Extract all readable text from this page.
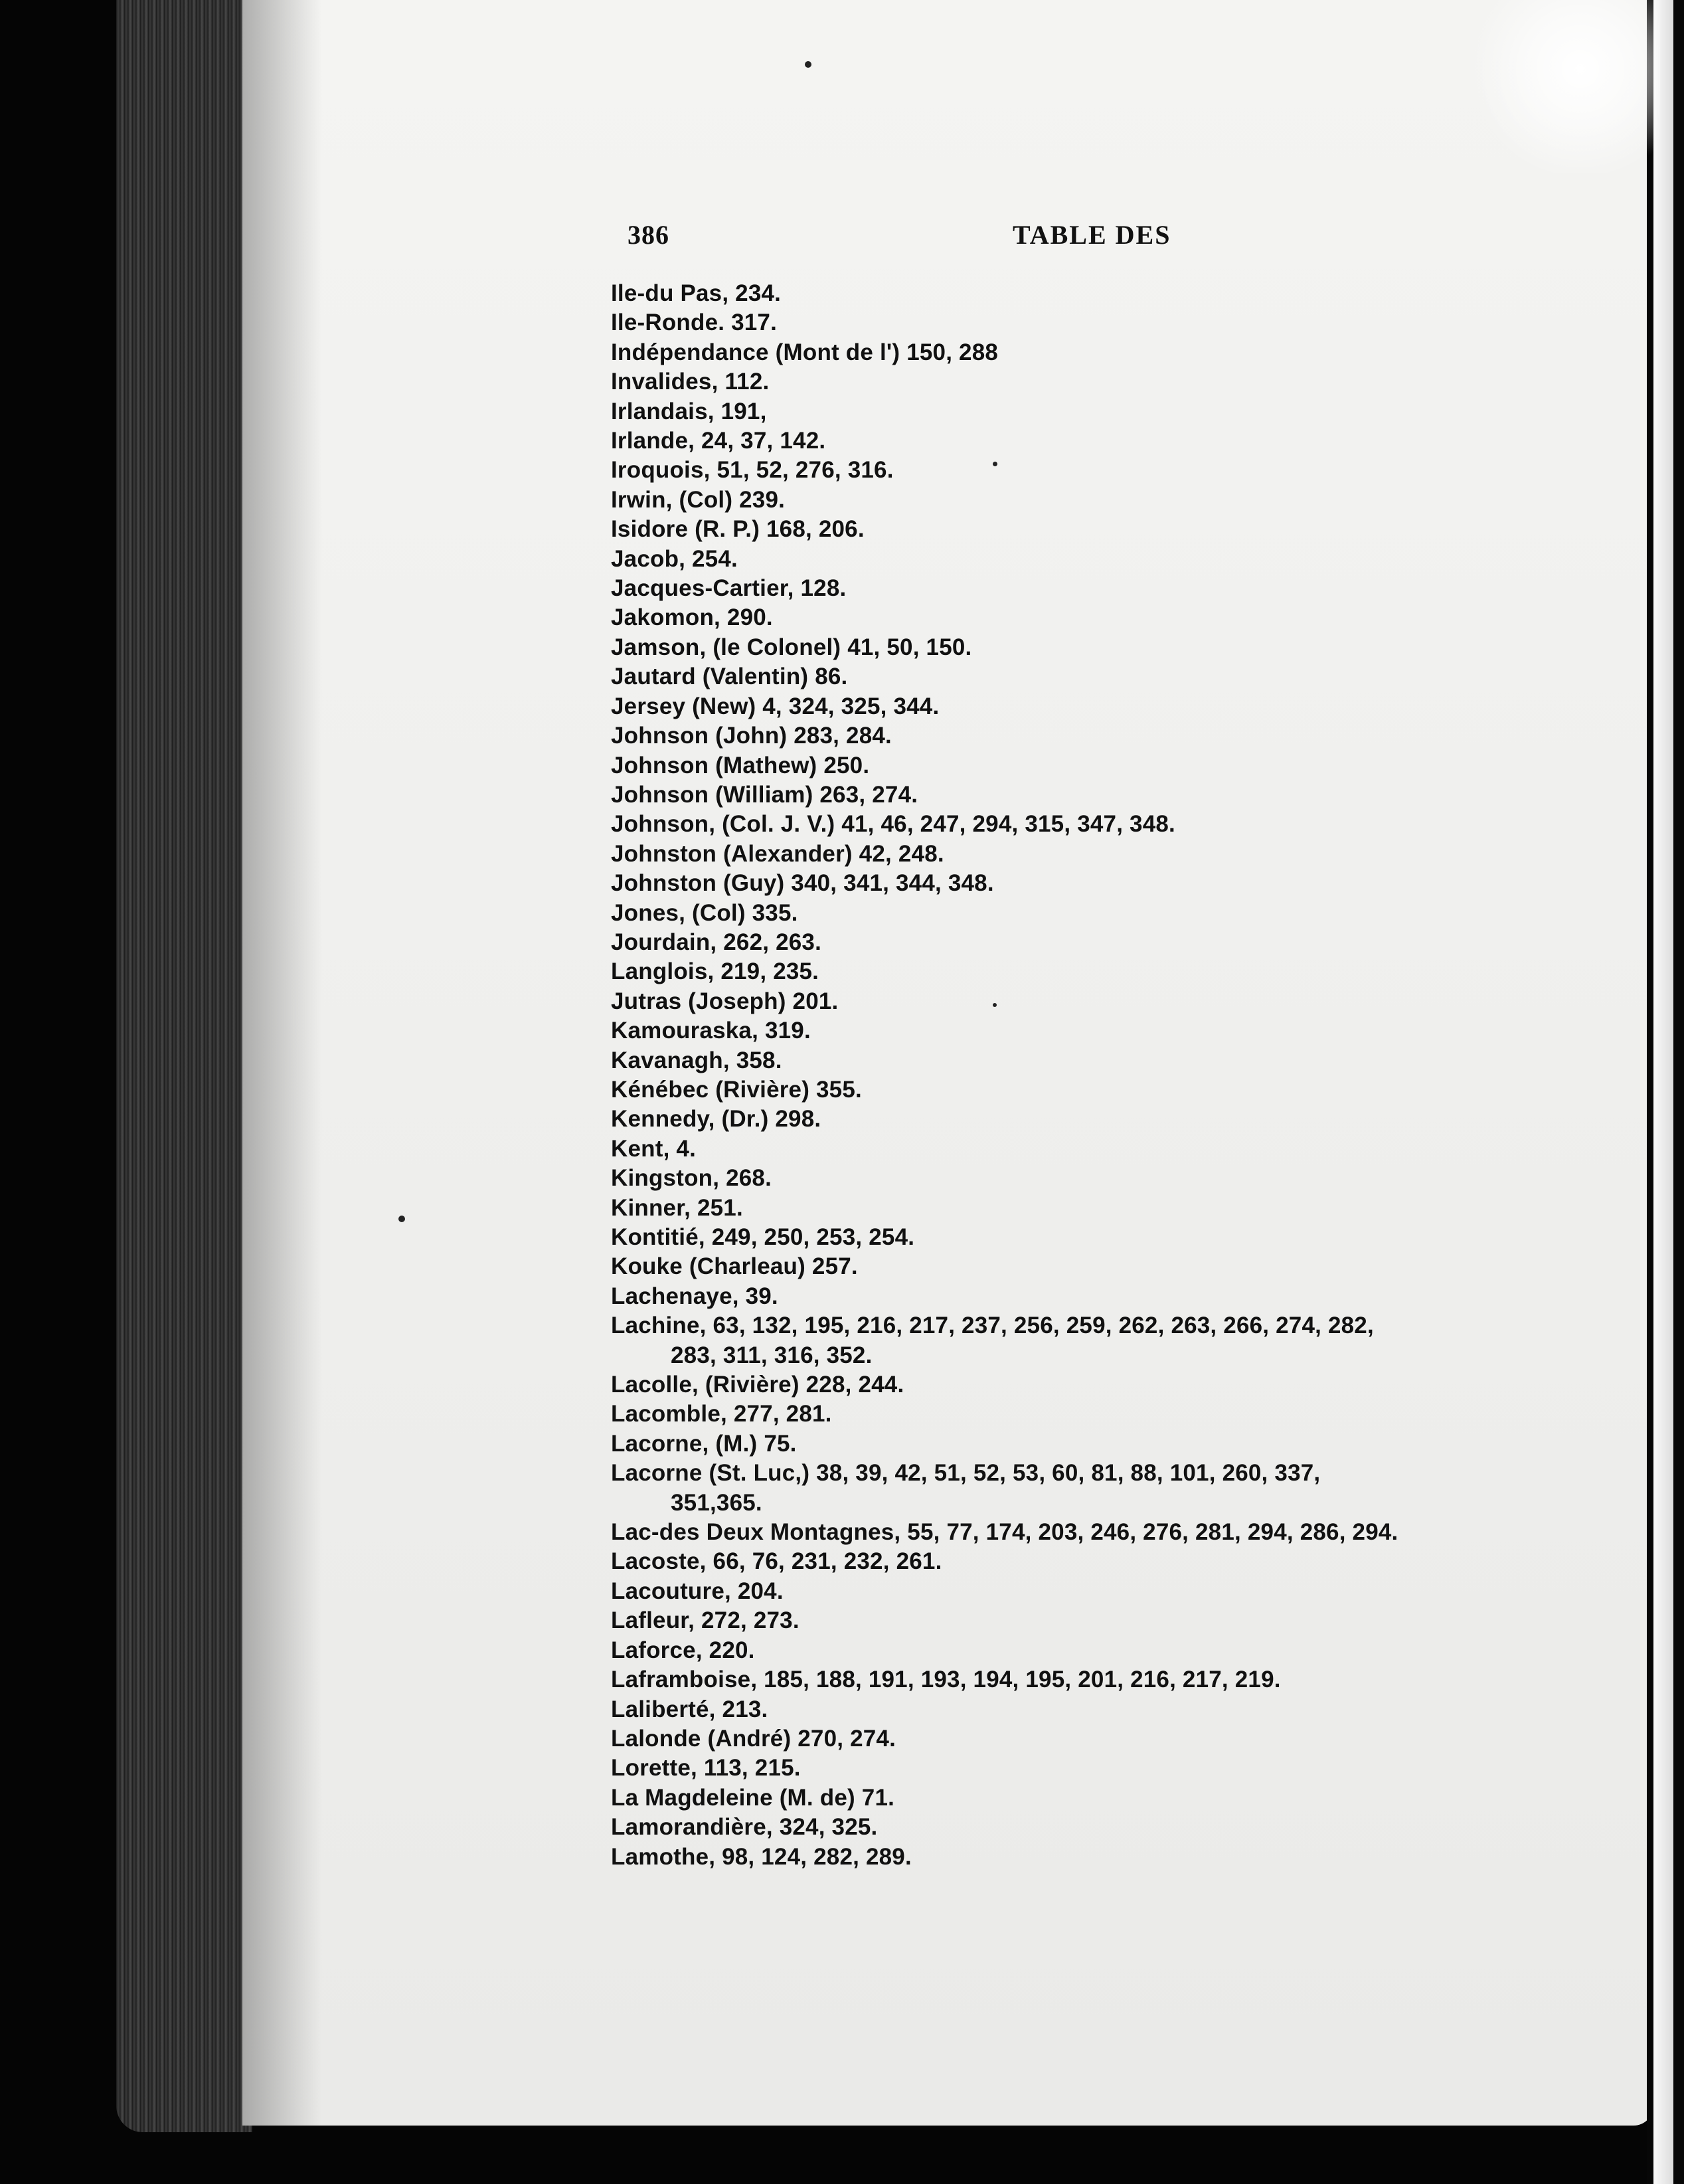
386	TABLE DES
Ile-du Pas, 234.
Ile-Ronde. 317.
Indépendance (Mont de l') 150, 288
Invalides, 112.
Irlandais, 191,
Irlande, 24, 37, 142.
Iroquois, 51, 52, 276, 316.
Irwin, (Col) 239.
Isidore (R. P.) 168, 206.
Jacob, 254.
Jacques-Cartier, 128.
Jakomon, 290.
Jamson, (le Colonel) 41, 50, 150.
Jautard (Valentin) 86.
Jersey (New) 4, 324, 325, 344.
Johnson (John) 283, 284.
Johnson (Mathew) 250.
Johnson (William) 263, 274.
Johnson, (Col. J. V.) 41, 46, 247, 294, 315, 347, 348.
Johnston (Alexander) 42, 248.
Johnston (Guy) 340, 341, 344, 348.
Jones, (Col) 335.
Jourdain, 262, 263.
Langlois, 219, 235.
Jutras (Joseph) 201.
Kamouraska, 319.
Kavanagh, 358.
Kénébec (Rivière) 355.
Kennedy, (Dr.) 298.
Kent, 4.
Kingston, 268.
Kinner, 251.
Kontitié, 249, 250, 253, 254.
Kouke (Charleau) 257.
Lachenaye, 39.
Lachine, 63, 132, 195, 216, 217, 237, 256, 259, 262, 263, 266, 274, 282,
283, 311, 316, 352.
Lacolle, (Rivière) 228, 244.
Lacomble, 277, 281.
Lacorne, (M.) 75.
Lacorne (St. Luc,) 38, 39, 42, 51, 52, 53, 60, 81, 88, 101, 260, 337,
351,365.
Lac-des Deux Montagnes, 55, 77, 174, 203, 246, 276, 281, 294, 286, 294.
Lacoste, 66, 76, 231, 232, 261.
Lacouture, 204.
Lafleur, 272, 273.
Laforce, 220.
Laframboise, 185, 188, 191, 193, 194, 195, 201, 216, 217, 219.
Laliberté, 213.
Lalonde (André) 270, 274.
Lorette, 113, 215.
La Magdeleine (M. de) 71.
Lamorandière, 324, 325.
Lamothe, 98, 124, 282, 289.
